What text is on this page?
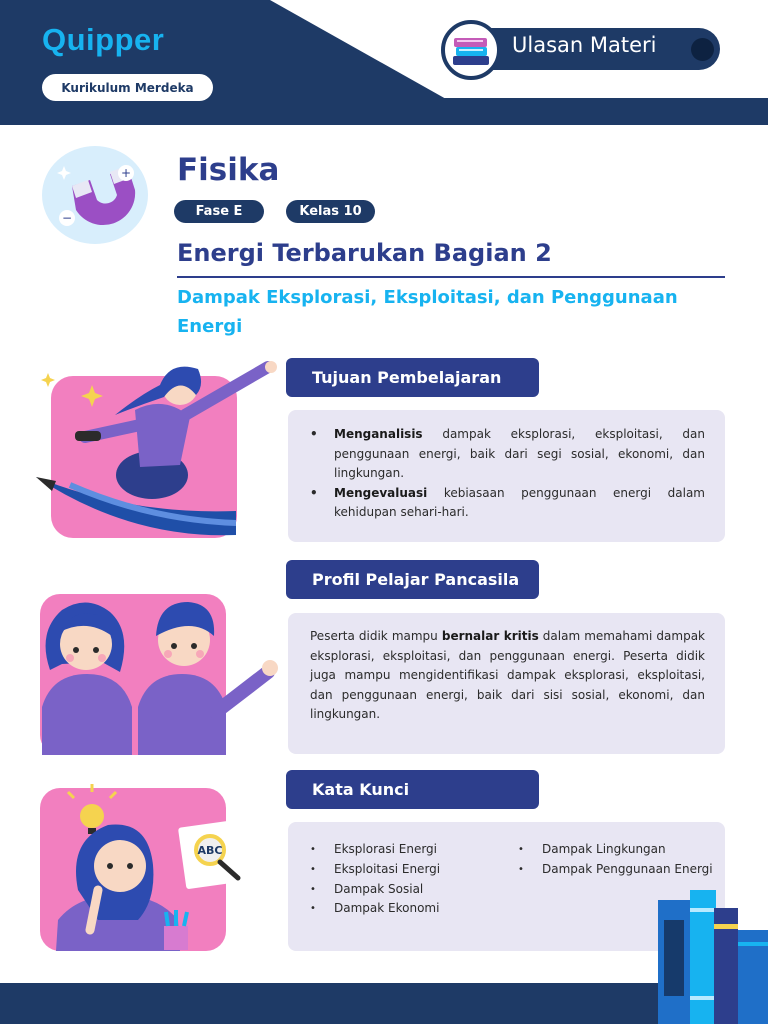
Quipper
Kurikulum Merdeka
Ulasan Materi
+
−
Fisika
Fase E	Kelas 10
Energi Terbarukan Bagian 2
Dampak Eksplorasi, Eksploitasi, dan Penggunaan Energi
Tujuan Pembelajaran
• Menganalisis dampak eksplorasi, eksploitasi, dan penggunaan energi, baik dari segi sosial, ekonomi, dan lingkungan.
• Mengevaluasi kebiasaan penggunaan energi dalam kehidupan sehari-hari.
Profil Pelajar Pancasila

Peserta didik mampu bernalar kritis dalam memahami dampak eksplorasi, eksploitasi, dan penggunaan energi. Peserta didik juga mampu mengidentifikasi dampak eksplorasi, eksploitasi, dan penggunaan energi, baik dari sisi sosial, ekonomi, dan lingkungan.

ABC
Kata Kunci
• Eksplorasi Energi
• Eksploitasi Energi
• Dampak Sosial
• Dampak Ekonomi
• Dampak Lingkungan
• Dampak Penggunaan Energi
